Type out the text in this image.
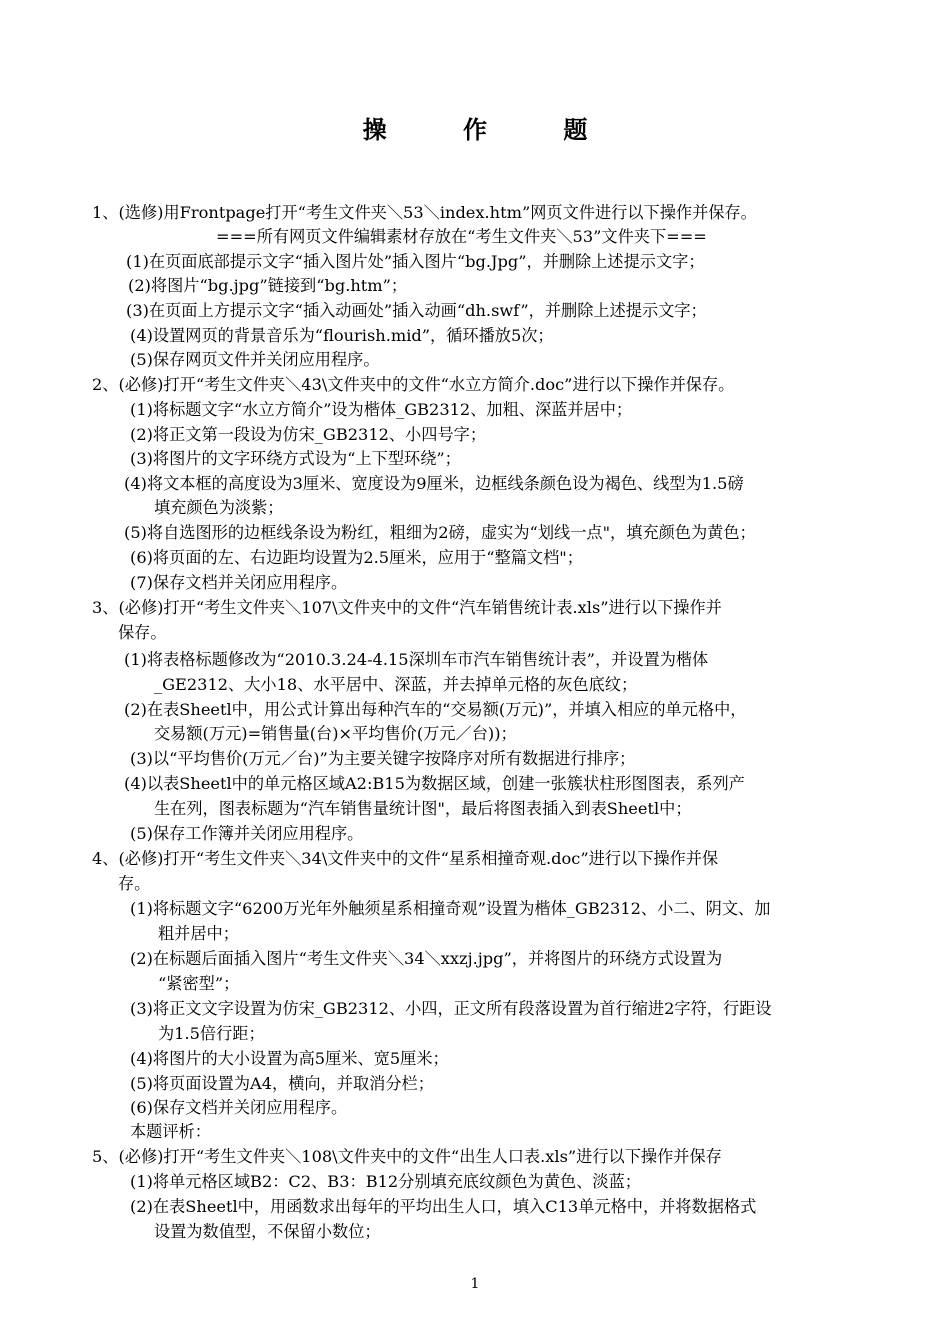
操 作 题
1、(选修)用Frontpage打开“考生文件夹＼53＼index.htm”网页文件进行以下操作并保存。
===所有网页文件编辑素材存放在“考生文件夹＼53”文件夹下===
(1)在页面底部提示文字“插入图片处”插入图片“bg.Jpg”，并删除上述提示文字；
(2)将图片“bg.jpg”链接到“bg.htm”；
(3)在页面上方提示文字“插入动画处”插入动画“dh.swf”，并删除上述提示文字；
(4)设置网页的背景音乐为“flourish.mid”，循环播放5次；
(5)保存网页文件并关闭应用程序。
2、(必修)打开“考生文件夹＼43\文件夹中的文件“水立方简介.doc”进行以下操作并保存。
(1)将标题文字“水立方简介”设为楷体_GB2312、加粗、深蓝并居中；
(2)将正文第一段设为仿宋_GB2312、小四号字；
(3)将图片的文字环绕方式设为“上下型环绕”；
(4)将文本框的高度设为3厘米、宽度设为9厘米，边框线条颜色设为褐色、线型为1.5磅
填充颜色为淡紫；
(5)将自选图形的边框线条设为粉红，粗细为2磅，虚实为“划线一点"，填充颜色为黄色；
(6)将页面的左、右边距均设置为2.5厘米，应用于“整篇文档"；
(7)保存文档并关闭应用程序。
3、(必修)打开“考生文件夹＼107\文件夹中的文件“汽车销售统计表.xls”进行以下操作并
保存。
(1)将表格标题修改为“2010.3.24-4.15深圳车市汽车销售统计表”，并设置为楷体
_GE2312、大小18、水平居中、深蓝，并去掉单元格的灰色底纹；
(2)在表Sheetl中，用公式计算出每种汽车的“交易额(万元)”，并填入相应的单元格中，
交易额(万元)=销售量(台)×平均售价(万元／台))；
(3)以“平均售价(万元／台)”为主要关键字按降序对所有数据进行排序；
(4)以表Sheetl中的单元格区域A2:B15为数据区域，创建一张簇状柱形图图表，系列产
生在列，图表标题为“汽车销售量统计图"，最后将图表插入到表Sheetl中；
(5)保存工作簿并关闭应用程序。
4、(必修)打开“考生文件夹＼34\文件夹中的文件“星系相撞奇观.doc”进行以下操作并保
存。
(1)将标题文字“6200万光年外触须星系相撞奇观”设置为楷体_GB2312、小二、阴文、加
粗并居中；
(2)在标题后面插入图片“考生文件夹＼34＼xxzj.jpg”，并将图片的环绕方式设置为
“紧密型”；
(3)将正文文字设置为仿宋_GB2312、小四，正文所有段落设置为首行缩进2字符，行距设
为1.5倍行距；
(4)将图片的大小设置为高5厘米、宽5厘米；
(5)将页面设置为A4，横向，并取消分栏；
(6)保存文档并关闭应用程序。
本题评析：
5、(必修)打开“考生文件夹＼108\文件夹中的文件“出生人口表.xls”进行以下操作并保存
(1)将单元格区域B2：C2、B3：B12分别填充底纹颜色为黄色、淡蓝；
(2)在表Sheetl中，用函数求出每年的平均出生人口，填入C13单元格中，并将数据格式
设置为数值型，不保留小数位；
1
